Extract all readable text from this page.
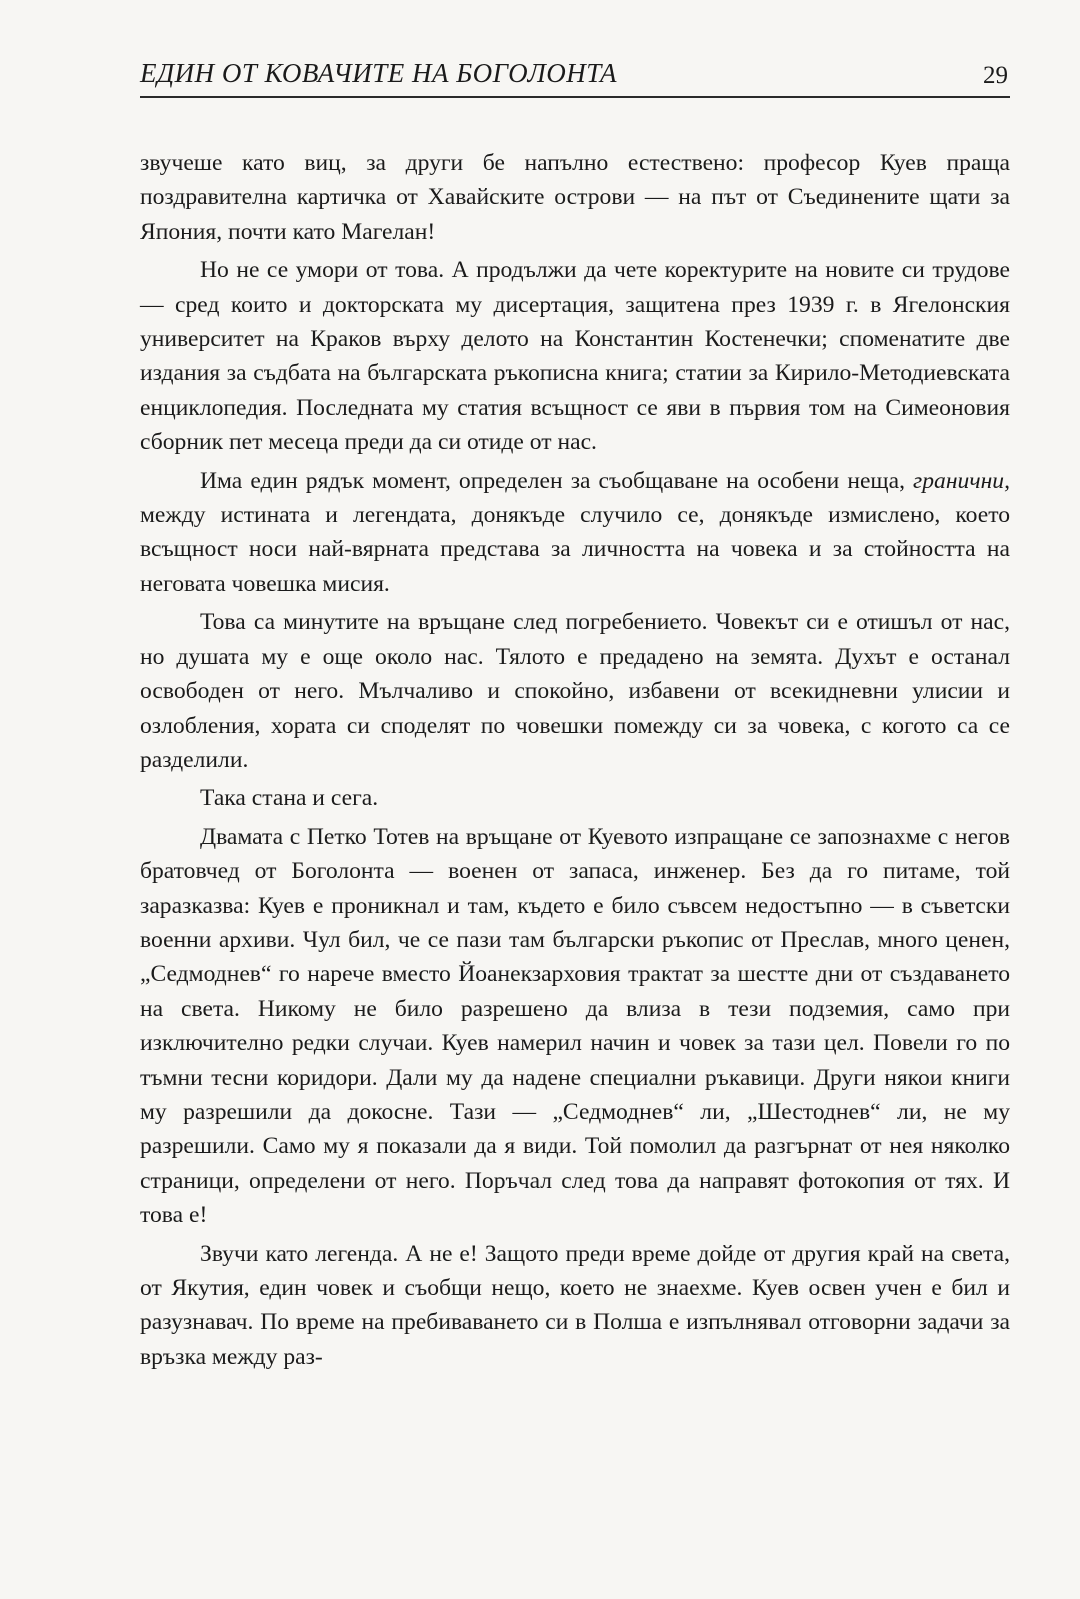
ЕДИН ОТ КОВАЧИТЕ НА БОГОЛОНТА	29

звучеше като виц, за други бе напълно естествено: професор Куев праща поздравителна картичка от Хавайските острови — на път от Съединените щати за Япония, почти като Магелан!

Но не се умори от това. А продължи да чете коректурите на новите си трудове — сред които и докторската му дисертация, защитена през 1939 г. в Ягелонския университет на Краков върху делото на Константин Костенечки; споменатите две издания за съдбата на българската ръкописна книга; статии за Кирило-Методиевската енциклопедия. Последната му статия всъщност се яви в първия том на Симеоновия сборник пет месеца преди да си отиде от нас.

Има един рядък момент, определен за съобщаване на особени неща, гранични, между истината и легендата, донякъде случило се, донякъде измислено, което всъщност носи най-вярната представа за личността на човека и за стойността на неговата човешка мисия.

Това са минутите на връщане след погребението. Човекът си е отишъл от нас, но душата му е още около нас. Тялото е предадено на земята. Духът е останал освободен от него. Мълчаливо и спокойно, избавени от всекидневни улисии и озлобления, хората си споделят по човешки помежду си за човека, с когото са се разделили.

Така стана и сега.

Двамата с Петко Тотев на връщане от Куевото изпращане се запознахме с негов братовчед от Боголонта — военен от запаса, инженер. Без да го питаме, той заразказва: Куев е проникнал и там, където е било съвсем недостъпно — в съветски военни архиви. Чул бил, че се пази там български ръкопис от Преслав, много ценен, „Седмоднев“ го нарече вместо Йоанекзарховия трактат за шестте дни от създаването на света. Никому не било разрешено да влиза в тези подземия, само при изключително редки случаи. Куев намерил начин и човек за тази цел. Повели го по тъмни тесни коридори. Дали му да надене специални ръкавици. Други някои книги му разрешили да докосне. Тази — „Седмоднев“ ли, „Шестоднев“ ли, не му разрешили. Само му я показали да я види. Той помолил да разгърнат от нея няколко страници, определени от него. Поръчал след това да направят фотокопия от тях. И това е!

Звучи като легенда. А не е! Защото преди време дойде от другия край на света, от Якутия, един човек и съобщи нещо, което не знаехме. Куев освен учен е бил и разузнавач. По време на пребиваването си в Полша е изпълнявал отговорни задачи за връзка между раз-
